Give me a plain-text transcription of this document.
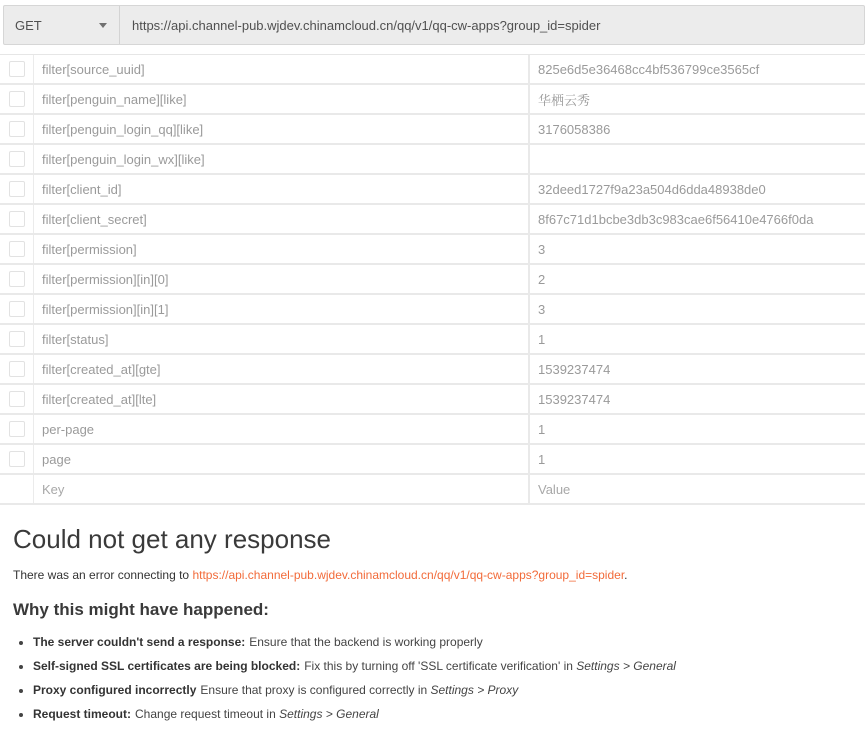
GET
https://api.channel-pub.wjdev.chinamcloud.cn/qq/v1/qq-cw-apps?group_id=spider
filter[source_uuid]	825e6d5e36468cc4bf536799ce3565cf
filter[penguin_name][like]	华栖云秀
filter[penguin_login_qq][like]	3176058386
filter[penguin_login_wx][like]
filter[client_id]	32deed1727f9a23a504d6dda48938de0
filter[client_secret]	8f67c71d1bcbe3db3c983cae6f56410e4766f0da
filter[permission]	3
filter[permission][in][0]	2
filter[permission][in][1]	3
filter[status]	1
filter[created_at][gte]	1539237474
filter[created_at][lte]	1539237474
per-page	1
page	1
Key	Value
Could not get any response
There was an error connecting to https://api.channel-pub.wjdev.chinamcloud.cn/qq/v1/qq-cw-apps?group_id=spider.
Why this might have happened:
• The server couldn't send a response: Ensure that the backend is working properly
• Self-signed SSL certificates are being blocked: Fix this by turning off 'SSL certificate verification' in Settings > General
• Proxy configured incorrectly Ensure that proxy is configured correctly in Settings > Proxy
• Request timeout: Change request timeout in Settings > General
